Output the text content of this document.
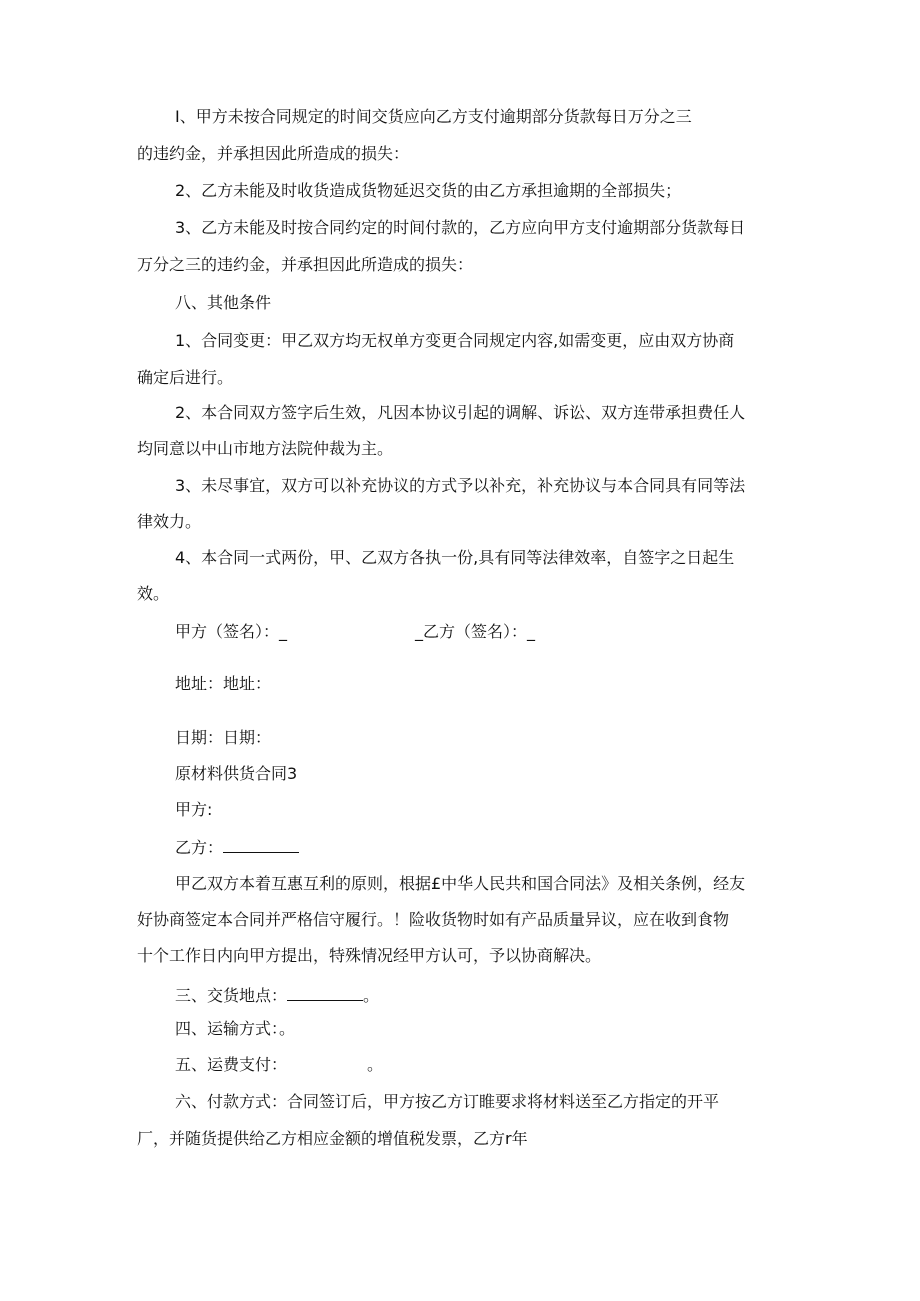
I、甲方未按合同规定的时间交货应向乙方支付逾期部分货款每日万分之三
的违约金，并承担因此所造成的损失：
2、乙方未能及时收货造成货物延迟交货的由乙方承担逾期的全部损失；
3、乙方未能及时按合同约定的时间付款的，乙方应向甲方支付逾期部分货款每日
万分之三的违约金，并承担因此所造成的损失：
八、其他条件
1、合同变更：甲乙双方均无权单方变更合同规定内容,如需变更，应由双方协商
确定后进行。
2、本合同双方签字后生效，凡因本协议引起的调解、诉讼、双方连带承担费任人
均同意以中山市地方法院仲裁为主。
3、未尽事宜，双方可以补充协议的方式予以补充，补充协议与本合同具有同等法
律效力。
4、本合同一式两份，甲、乙双方各执一份,具有同等法律效率，自签字之日起生
效。
甲方（签名）：_	_乙方（签名）：_
地址：地址：
日期：日期：
原材料供货合同3
甲方:
乙方：
甲乙双方本着互惠互利的原则，根据£中华人民共和国合同法》及相关条例，经友
好协商签定本合同并严格信守履行。！险收货物时如有产品质量异议，应在收到食物
十个工作日内向甲方提出，特殊情况经甲方认可，予以协商解决。
三、交货地点：	。
四、运输方式：。
五、运费支付：	。
六、付款方式：合同签订后，甲方按乙方订睢要求将材料送至乙方指定的开平
厂，并随货提供给乙方相应金额的增值税发票，乙方r年
